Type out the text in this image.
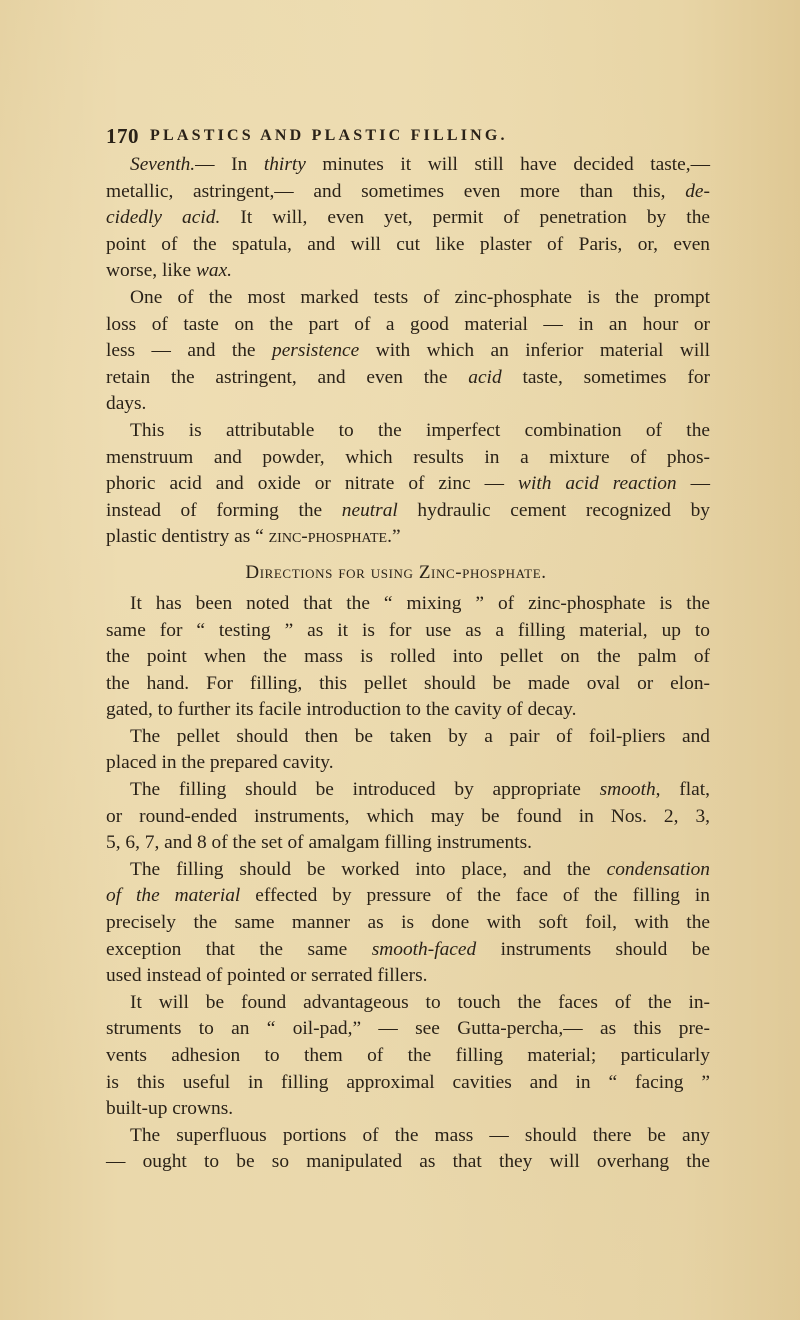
170 PLASTICS AND PLASTIC FILLING.
Seventh.— In thirty minutes it will still have decided taste,—
metallic, astringent,— and sometimes even more than this, de-
cidedly acid. It will, even yet, permit of penetration by the
point of the spatula, and will cut like plaster of Paris, or, even
worse, like wax.
One of the most marked tests of zinc-phosphate is the prompt
loss of taste on the part of a good material — in an hour or
less — and the persistence with which an inferior material will
retain the astringent, and even the acid taste, sometimes for
days.
This is attributable to the imperfect combination of the
menstruum and powder, which results in a mixture of phos-
phoric acid and oxide or nitrate of zinc — with acid reaction —
instead of forming the neutral hydraulic cement recognized by
plastic dentistry as “ zinc-phosphate.”
Directions for using Zinc-phosphate.
It has been noted that the “ mixing ” of zinc-phosphate is the
same for “ testing ” as it is for use as a filling material, up to
the point when the mass is rolled into pellet on the palm of
the hand. For filling, this pellet should be made oval or elon-
gated, to further its facile introduction to the cavity of decay.
The pellet should then be taken by a pair of foil-pliers and
placed in the prepared cavity.
The filling should be introduced by appropriate smooth, flat,
or round-ended instruments, which may be found in Nos. 2, 3,
5, 6, 7, and 8 of the set of amalgam filling instruments.
The filling should be worked into place, and the condensation
of the material effected by pressure of the face of the filling in
precisely the same manner as is done with soft foil, with the
exception that the same smooth-faced instruments should be
used instead of pointed or serrated fillers.
It will be found advantageous to touch the faces of the in-
struments to an “ oil-pad,” — see Gutta-percha,— as this pre-
vents adhesion to them of the filling material; particularly
is this useful in filling approximal cavities and in “ facing ”
built-up crowns.
The superfluous portions of the mass — should there be any
— ought to be so manipulated as that they will overhang the
